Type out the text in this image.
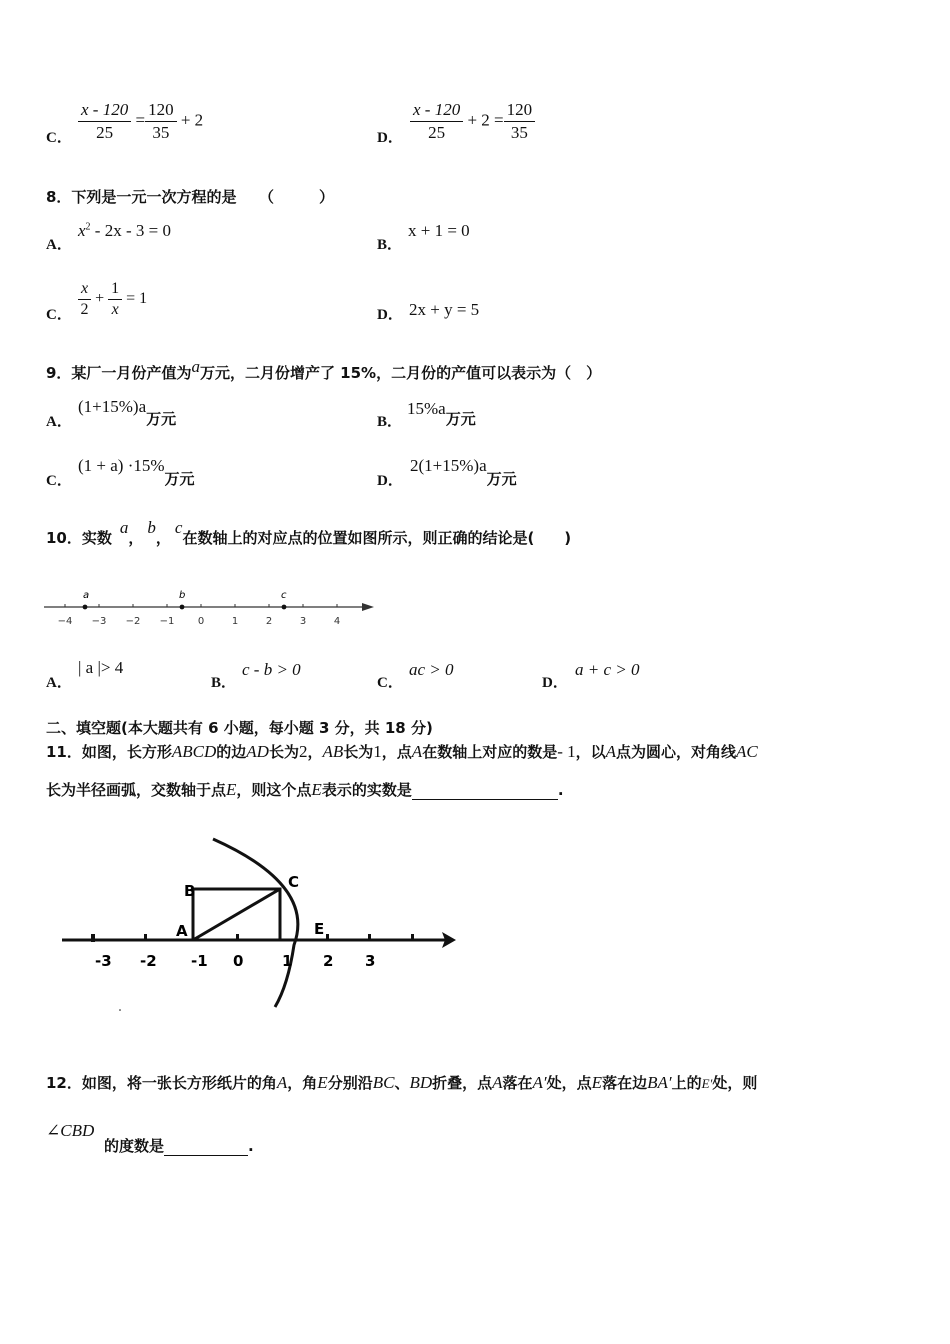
C． $\frac{x - 120}{25} = \frac{120}{35} + 2$
D． $\frac{x - 120}{25} + 2 = \frac{120}{35}$
8．下列是一元一次方程的是　　（　　　）
A．
$x^2 - 2x - 3 = 0$
B．
x + 1 = 0
C． $\frac{x}{2} + \frac{1}{x} = 1$
D． 2x + y = 5
9．某厂一月份产值为a万元，二月份增产了 15%，二月份的产值可以表示为（　）
A．
(1+15%)a万元	B．
15%a万元
C．
(1 + a) ·15%万元	D．
2(1+15%)a万元
10．实数a，b，c在数轴上的对应点的位置如图所示，则正确的结论是(　　)
−4 −3 −2 −1 0	1	2	3	4
a	b	c
A．
| a |> 4
B．
c - b > 0
C．
ac > 0
D．
a + c > 0
二、填空题(本大题共有 6 小题，每小题 3 分，共 18 分)
11．如图，长方形ABCD的边AD长为2，AB长为1，点A在数轴上对应的数是- 1，以A点为圆心，对角线AC
长为半径画弧，交数轴于点E，则这个点E表示的实数是	.
B	C
A	E
-3 -2 -1 0	1 2 3
12．如图，将一张长方形纸片的角A，角E分别沿BC、BD折叠，点A落在A′处，点E落在边BA′上的E′处，则
∠CBD
的度数是	.
